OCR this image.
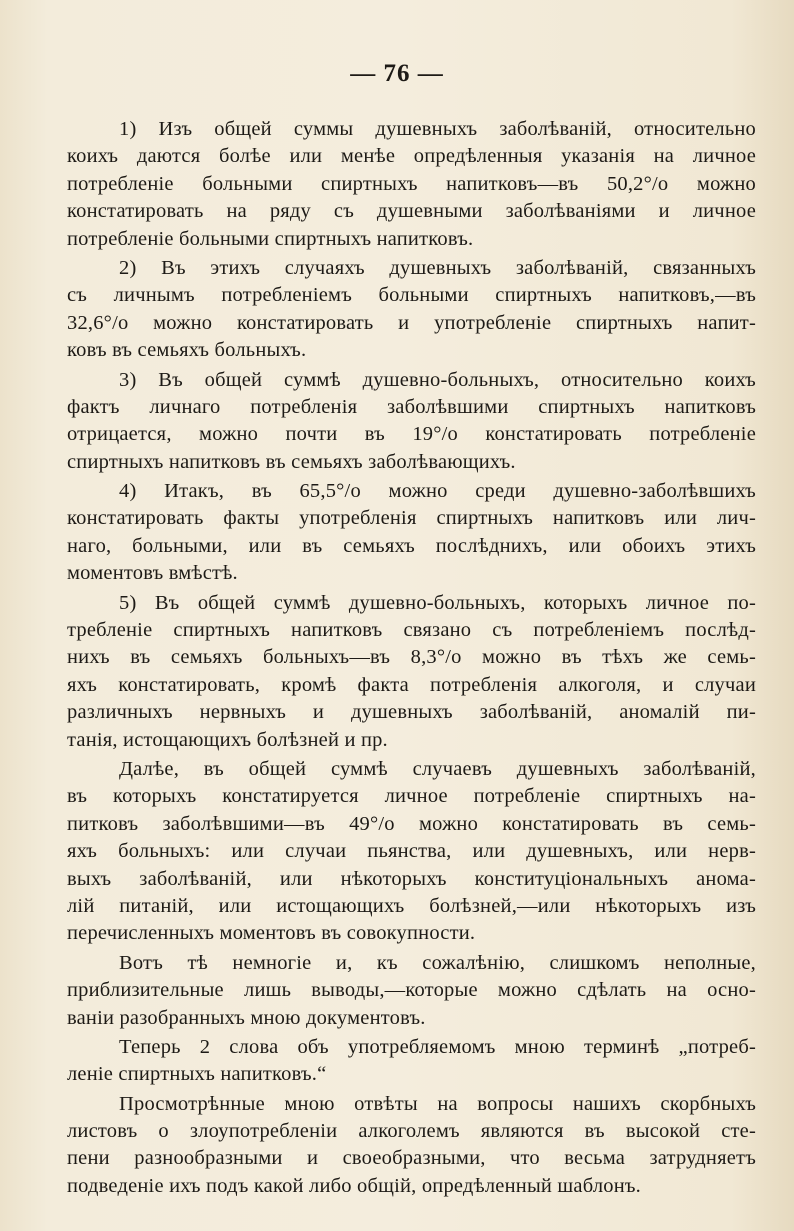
— 76 —
1) Изъ общей суммы душевныхъ заболѣваній, относительно
коихъ даются болѣе или менѣе опредѣленныя указанія на личное
потребленіе больными спиртныхъ напитковъ—въ 50,2°/о можно
констатировать на ряду съ душевными заболѣваніями и личное
потребленіе больными спиртныхъ напитковъ.
2) Въ этихъ случаяхъ душевныхъ заболѣваній, связанныхъ
съ личнымъ потребленіемъ больными спиртныхъ напитковъ,—въ
32,6°/о можно констатировать и употребленіе спиртныхъ напит-
ковъ въ семьяхъ больныхъ.
3) Въ общей суммѣ душевно-больныхъ, относительно коихъ
фактъ личнаго потребленія заболѣвшими спиртныхъ напитковъ
отрицается, можно почти въ 19°/о констатировать потребленіе
спиртныхъ напитковъ въ семьяхъ заболѣвающихъ.
4) Итакъ, въ 65,5°/о можно среди душевно-заболѣвшихъ
констатировать факты употребленія спиртныхъ напитковъ или лич-
наго, больными, или въ семьяхъ послѣднихъ, или обоихъ этихъ
моментовъ вмѣстѣ.
5) Въ общей суммѣ душевно-больныхъ, которыхъ личное по-
требленіе спиртныхъ напитковъ связано съ потребленіемъ послѣд-
нихъ въ семьяхъ больныхъ—въ 8,3°/о можно въ тѣхъ же семь-
яхъ констатировать, кромѣ факта потребленія алкоголя, и случаи
различныхъ нервныхъ и душевныхъ заболѣваній, аномалій пи-
танія, истощающихъ болѣзней и пр.
Далѣе, въ общей суммѣ случаевъ душевныхъ заболѣваній,
въ которыхъ констатируется личное потребленіе спиртныхъ на-
питковъ заболѣвшими—въ 49°/о можно констатировать въ семь-
яхъ больныхъ: или случаи пьянства, или душевныхъ, или нерв-
выхъ заболѣваній, или нѣкоторыхъ конституціональныхъ анома-
лій питаній, или истощающихъ болѣзней,—или нѣкоторыхъ изъ
перечисленныхъ моментовъ въ совокупности.
Вотъ тѣ немногіе и, къ сожалѣнію, слишкомъ неполные,
приблизительные лишь выводы,—которые можно сдѣлать на осно-
ваніи разобранныхъ мною документовъ.
Теперь 2 слова объ употребляемомъ мною терминѣ „потреб-
леніе спиртныхъ напитковъ.“
Просмотрѣнные мною отвѣты на вопросы нашихъ скорбныхъ
листовъ о злоупотребленіи алкоголемъ являются въ высокой сте-
пени разнообразными и своеобразными, что весьма затрудняетъ
подведеніе ихъ подъ какой либо общій, опредѣленный шаблонъ.
